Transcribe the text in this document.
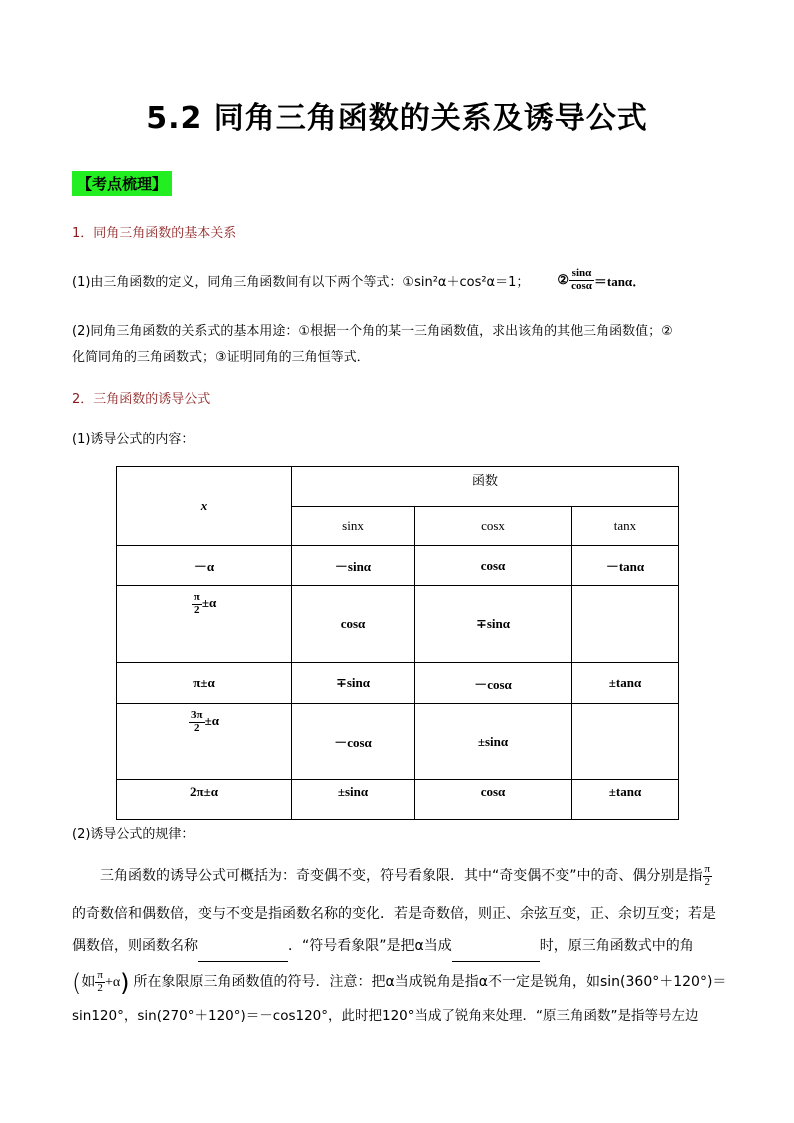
5.2 同角三角函数的关系及诱导公式
【考点梳理】
1．同角三角函数的基本关系
(1)由三角函数的定义，同角三角函数间有以下两个等式：①sin²α＋cos²α＝1； ② $\frac{\sin\alpha}{\cos\alpha} =\tan\alpha$．
(2)同角三角函数的关系式的基本用途：①根据一个角的某一三角函数值，求出该角的其他三角函数值；②
化简同角的三角函数式；③证明同角的三角恒等式．
2．三角函数的诱导公式
(1)诱导公式的内容：
x	函数		
	sinx	cosx	tanx
－α	－sinα	cosα	－tanα

$\frac{\pi}{2} \pm\alpha$	cosα	∓sinα	
π±α	∓sinα	－cosα	±tanα

$\frac{3\pi}{2} \pm\alpha$	－cosα	±sinα	
2π±α	±sinα	cosα	±tanα
(2)诱导公式的规律：
三角函数的诱导公式可概括为：奇变偶不变，符号看象限．其中“奇变偶不变”中的奇、偶分别是指 $\frac{\pi}{2}$
的奇数倍和偶数倍，变与不变是指函数名称的变化．若是奇数倍，则正、余弦互变，正、余切互变；若是
偶数倍，则函数名称	．“符号看象限”是把α当成	时，原三角函数式中的角
( 如 $\frac{\pi}{2} +\alpha$ ) 所在象限原三角函数值的符号．注意：把α当成锐角是指α不一定是锐角，如sin(360°＋120°)＝
sin120°，sin(270°＋120°)＝－cos120°，此时把120°当成了锐角来处理．“原三角函数”是指等号左边
